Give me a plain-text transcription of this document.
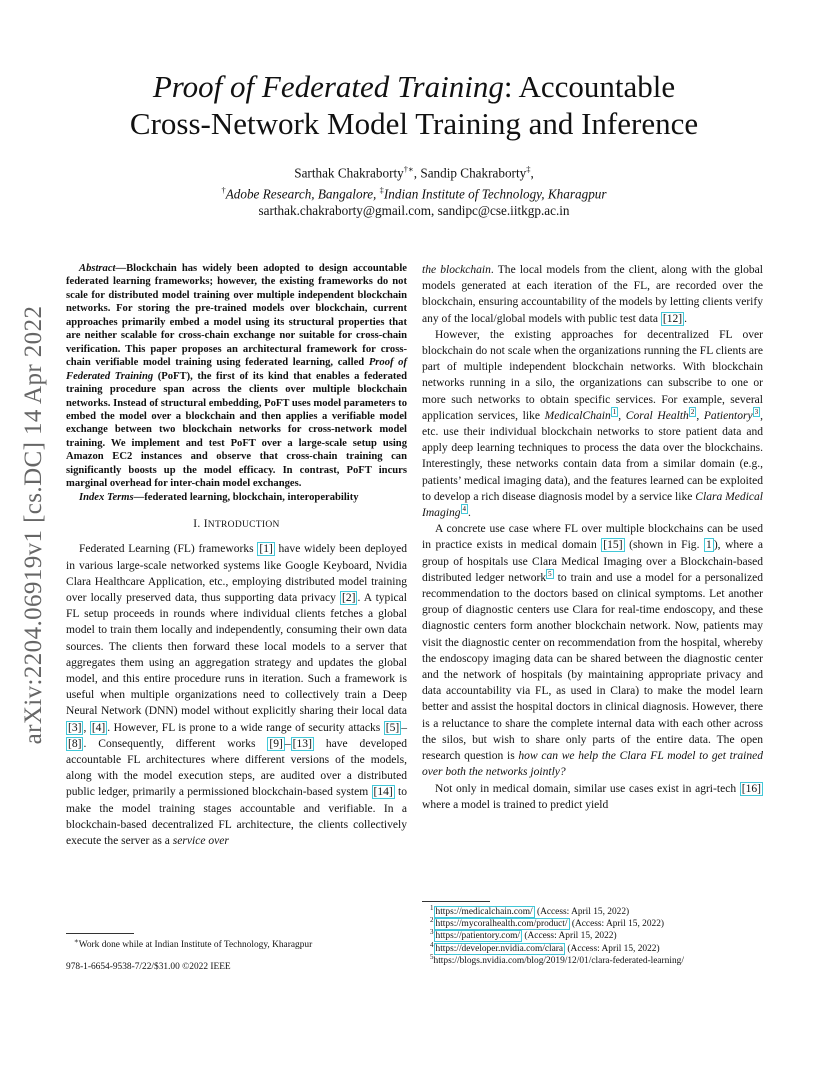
arXiv:2204.06919v1 [cs.DC] 14 Apr 2022
Proof of Federated Training: Accountable
Cross-Network Model Training and Inference
Sarthak Chakraborty†∗, Sandip Chakraborty‡,
†Adobe Research, Bangalore, ‡Indian Institute of Technology, Kharagpur
sarthak.chakraborty@gmail.com, sandipc@cse.iitkgp.ac.in

Abstract—Blockchain has widely been adopted to design accountable federated learning frameworks; however, the existing frameworks do not scale for distributed model training over multiple independent blockchain networks. For storing the pre-trained models over blockchain, current approaches primarily embed a model using its structural properties that are neither scalable for cross-chain exchange nor suitable for cross-chain verification. This paper proposes an architectural framework for cross-chain verifiable model training using federated learning, called Proof of Federated Training (PoFT), the first of its kind that enables a federated training procedure span across the clients over multiple blockchain networks. Instead of structural embedding, PoFT uses model parameters to embed the model over a blockchain and then applies a verifiable model exchange between two blockchain networks for cross-network model training. We implement and test PoFT over a large-scale setup using Amazon EC2 instances and observe that cross-chain training can significantly boosts up the model efficacy. In contrast, PoFT incurs marginal overhead for inter-chain model exchanges.

Index Terms—federated learning, blockchain, interoperability

I. INTRODUCTION

Federated Learning (FL) frameworks [1] have widely been deployed in various large-scale networked systems like Google Keyboard, Nvidia Clara Healthcare Application, etc., employing distributed model training over locally preserved data, thus supporting data privacy [2] . A typical FL setup proceeds in rounds where individual clients fetches a global model to train them locally and independently, consuming their own data sources. The clients then forward these local models to a server that aggregates them using an aggregation strategy and updates the global model, and this entire procedure runs in iteration. Such a framework is useful when multiple organizations need to collectively train a Deep Neural Network (DNN) model without explicitly sharing their local data [3] , [4] . However, FL is prone to a wide range of security attacks [5] –[8] . Consequently, different works [9] – [13] have developed accountable FL architectures where different versions of the models, along with the model execution steps, are audited over a distributed public ledger, primarily a permissioned blockchain-based system [14] to make the model training stages accountable and verifiable. In a blockchain-based decentralized FL architecture, the clients collectively execute the server as a service over

∗Work done while at Indian Institute of Technology, Kharagpur
978-1-6654-9538-7/22/$31.00 ©2022 IEEE

the blockchain. The local models from the client, along with the global models generated at each iteration of the FL, are recorded over the blockchain, ensuring accountability of the models by letting clients verify any of the local/global models with public test data [12] .

However, the existing approaches for decentralized FL over blockchain do not scale when the organizations running the FL clients are part of multiple independent blockchain networks. With blockchain networks running in a silo, the organizations can subscribe to one or more such networks to obtain specific services. For example, several application services, like MedicalChain $^1$ , Coral Health $^2$ , Patientory $^3$ , etc. use their individual blockchain networks to store patient data and apply deep learning techniques to process the data over the blockchains. Interestingly, these networks contain data from a similar domain (e.g., patients’ medical imaging data), and the features learned can be exploited to develop a rich disease diagnosis model by a service like Clara Medical Imaging $^4$ .

A concrete use case where FL over multiple blockchains can be used in practice exists in medical domain [15] (shown in Fig. 1 ), where a group of hospitals use Clara Medical Imaging over a Blockchain-based distributed ledger network $^5$ to train and use a model for a personalized recommendation to the doctors based on clinical symptoms. Let another group of diagnostic centers use Clara for real-time endoscopy, and these diagnostic centers form another blockchain network. Now, patients may visit the diagnostic center on recommendation from the hospital, whereby the endoscopy imaging data can be shared between the diagnostic center and the network of hospitals (by maintaining appropriate privacy and data accountability via FL, as used in Clara) to make the model learn better and assist the hospital doctors in clinical diagnosis. However, there is a reluctance to share the complete internal data with each other across the silos, but wish to share only parts of the entire data. The open research question is how can we help the Clara FL model to get trained over both the networks jointly?

Not only in medical domain, similar use cases exist in agri-tech [16] where a model is trained to predict yield

$^1$ https://medicalchain.com/ (Access: April 15, 2022)
$^2$ https://mycoralhealth.com/product/ (Access: April 15, 2022)
$^3$ https://patientory.com/ (Access: April 15, 2022)
$^4$ https://developer.nvidia.com/clara (Access: April 15, 2022)
$^5$https://blogs.nvidia.com/blog/2019/12/01/clara-federated-learning/
